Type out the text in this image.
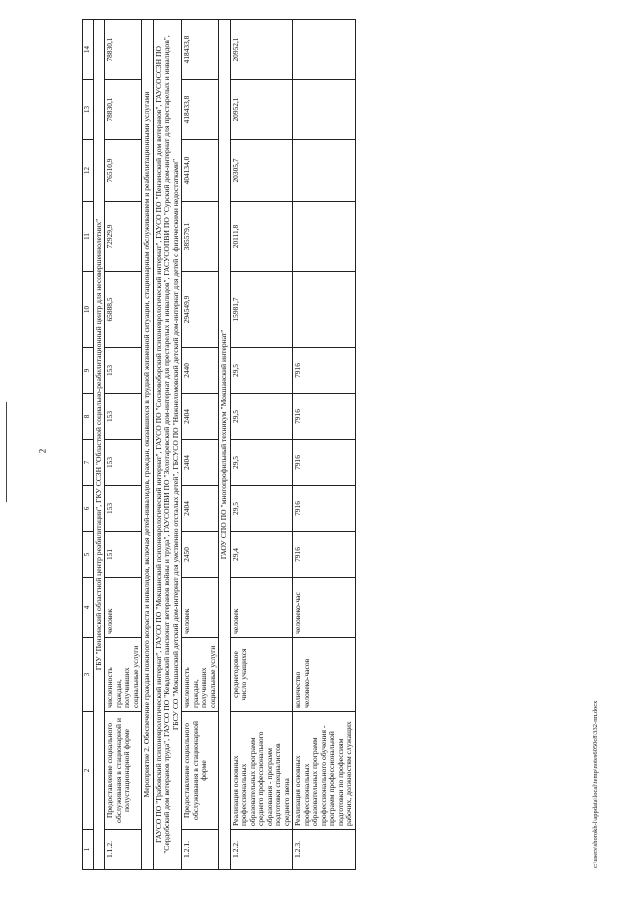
2
c:\users\shorokh-l\appdata\local\temp\notes6050c8\332-пп.docx
1	2	3	4	5	6	7	8	9	10	11	12	13	14
ГБУ "Пензенский областной центр реабилитации", ГКУ ССЗН "Областной социально-реабилитационный центр для несовершеннолетних"													
1.1.2.	Предоставление социального обслуживания в стационарной и полустационарной форме	численность граждан, получивших социальные услуги	человек	151	153	153	153	153	65888,5	72929,9	76510,9	78830,1	78830,1
Мероприятие 2. Обеспечение граждан пожилого возраста и инвалидов, включая детей-инвалидов, граждан, оказавшихся в трудной жизненной ситуации, стационарным обслуживанием и реабилитационными услугами													
ГАУСО ПО "Грабовский психоневрологический интернат", ГАУСО ПО "Мокшанский психоневрологический интернат", ГАУСО ПО "Сосновоборский психоневрологический интернат", ГАУСО ПО "Пензенский дом ветеранов", ГАУСОССЗН ПО "Сердобский дом ветеранов труда", ГАУСО ПО "Кевдовский пансионат ветеранов войны и труда", ГАУСОПВИ ПО "Золотаревский дом-интернат для престарелых и инвалидов", ГАСУСОПВИ ПО "Сурский дом-интернат для престарелых и инвалидов", ГБСУ СО "Мокшанский детский дом-интернат для умственно отсталых детей", ГБСУСО ПО "Нижнеломовский детский дом-интернат для детей с физическими недостатками"													
1.2.1.	Предоставление социального обслуживания в стационарной форме	численность граждан, получивших социальные услуги	человек	2450	2404	2404	2404	2440	294549,9	385579,1	404134,0	418433,8	418433,8
ГАОУ СПО ПО "многопрофильный техникум "Мокшанский интернат"													
1.2.2.	Реализация основных профессиональных образовательных программ среднего профессионального образования - программ подготовки специалистов среднего звена	среднегодовое число учащихся	человек	29,4	29,5	29,5	29,5	29,5	15981,7	20111,8	20305,7	20952,1	20952,1
1.2.3.	Реализация основных профессиональных образовательных программ профессионального обучения - программ профессиональной подготовки по профессиям рабочих, должностям служащих	количество человеко-часов	человеко-час	7916	7916	7916	7916	7916					
